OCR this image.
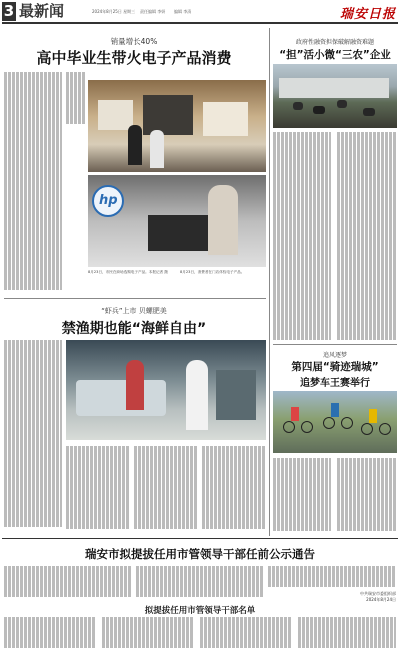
3 最新闻	2024年8月25日 星期三 责任编辑 李妍 编辑 李清	瑞安日报
销量增长40%
高中毕业生带火电子产品消费
hp
8月23日，市民在商场选购电子产品。本报记者 摄	8月23日，消费者在门店体验电子产品。
政府性融资担保破解融资难题
“担”活小微“三农”企业
“虾兵”上市 贝螺肥美
禁渔期也能“海鲜自由”
追风逐梦
第四届“骑迹瑞城”
追梦车王赛举行
瑞安市拟提拔任用市管领导干部任前公示通告
中共瑞安市委组织部
2024年8月24日
拟提拔任用市管领导干部名单
